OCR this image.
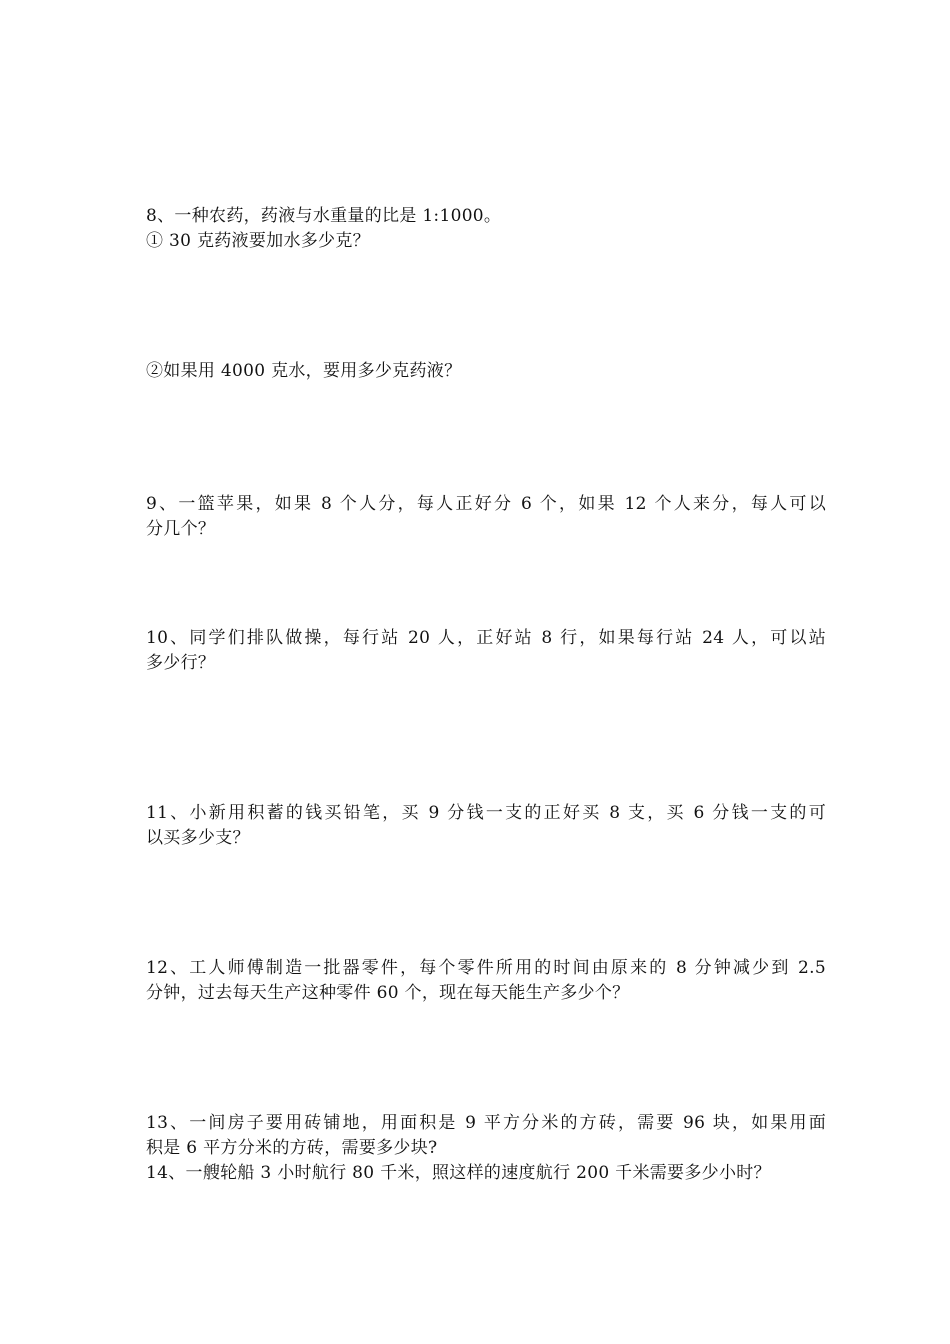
8、一种农药，药液与水重量的比是 1:1000。
① 30 克药液要加水多少克？
②如果用 4000 克水，要用多少克药液？
9、一篮苹果，如果 8 个人分，每人正好分 6 个，如果 12 个人来分，每人可以
分几个？
10、同学们排队做操，每行站 20 人，正好站 8 行，如果每行站 24 人，可以站
多少行？
11、小新用积蓄的钱买铅笔，买 9 分钱一支的正好买 8 支，买 6 分钱一支的可
以买多少支？
12、工人师傅制造一批器零件，每个零件所用的时间由原来的 8 分钟减少到 2.5
分钟，过去每天生产这种零件 60 个，现在每天能生产多少个？
13、一间房子要用砖铺地，用面积是 9 平方分米的方砖，需要 96 块，如果用面
积是 6 平方分米的方砖，需要多少块?
14、一艘轮船 3 小时航行 80 千米，照这样的速度航行 200 千米需要多少小时？
